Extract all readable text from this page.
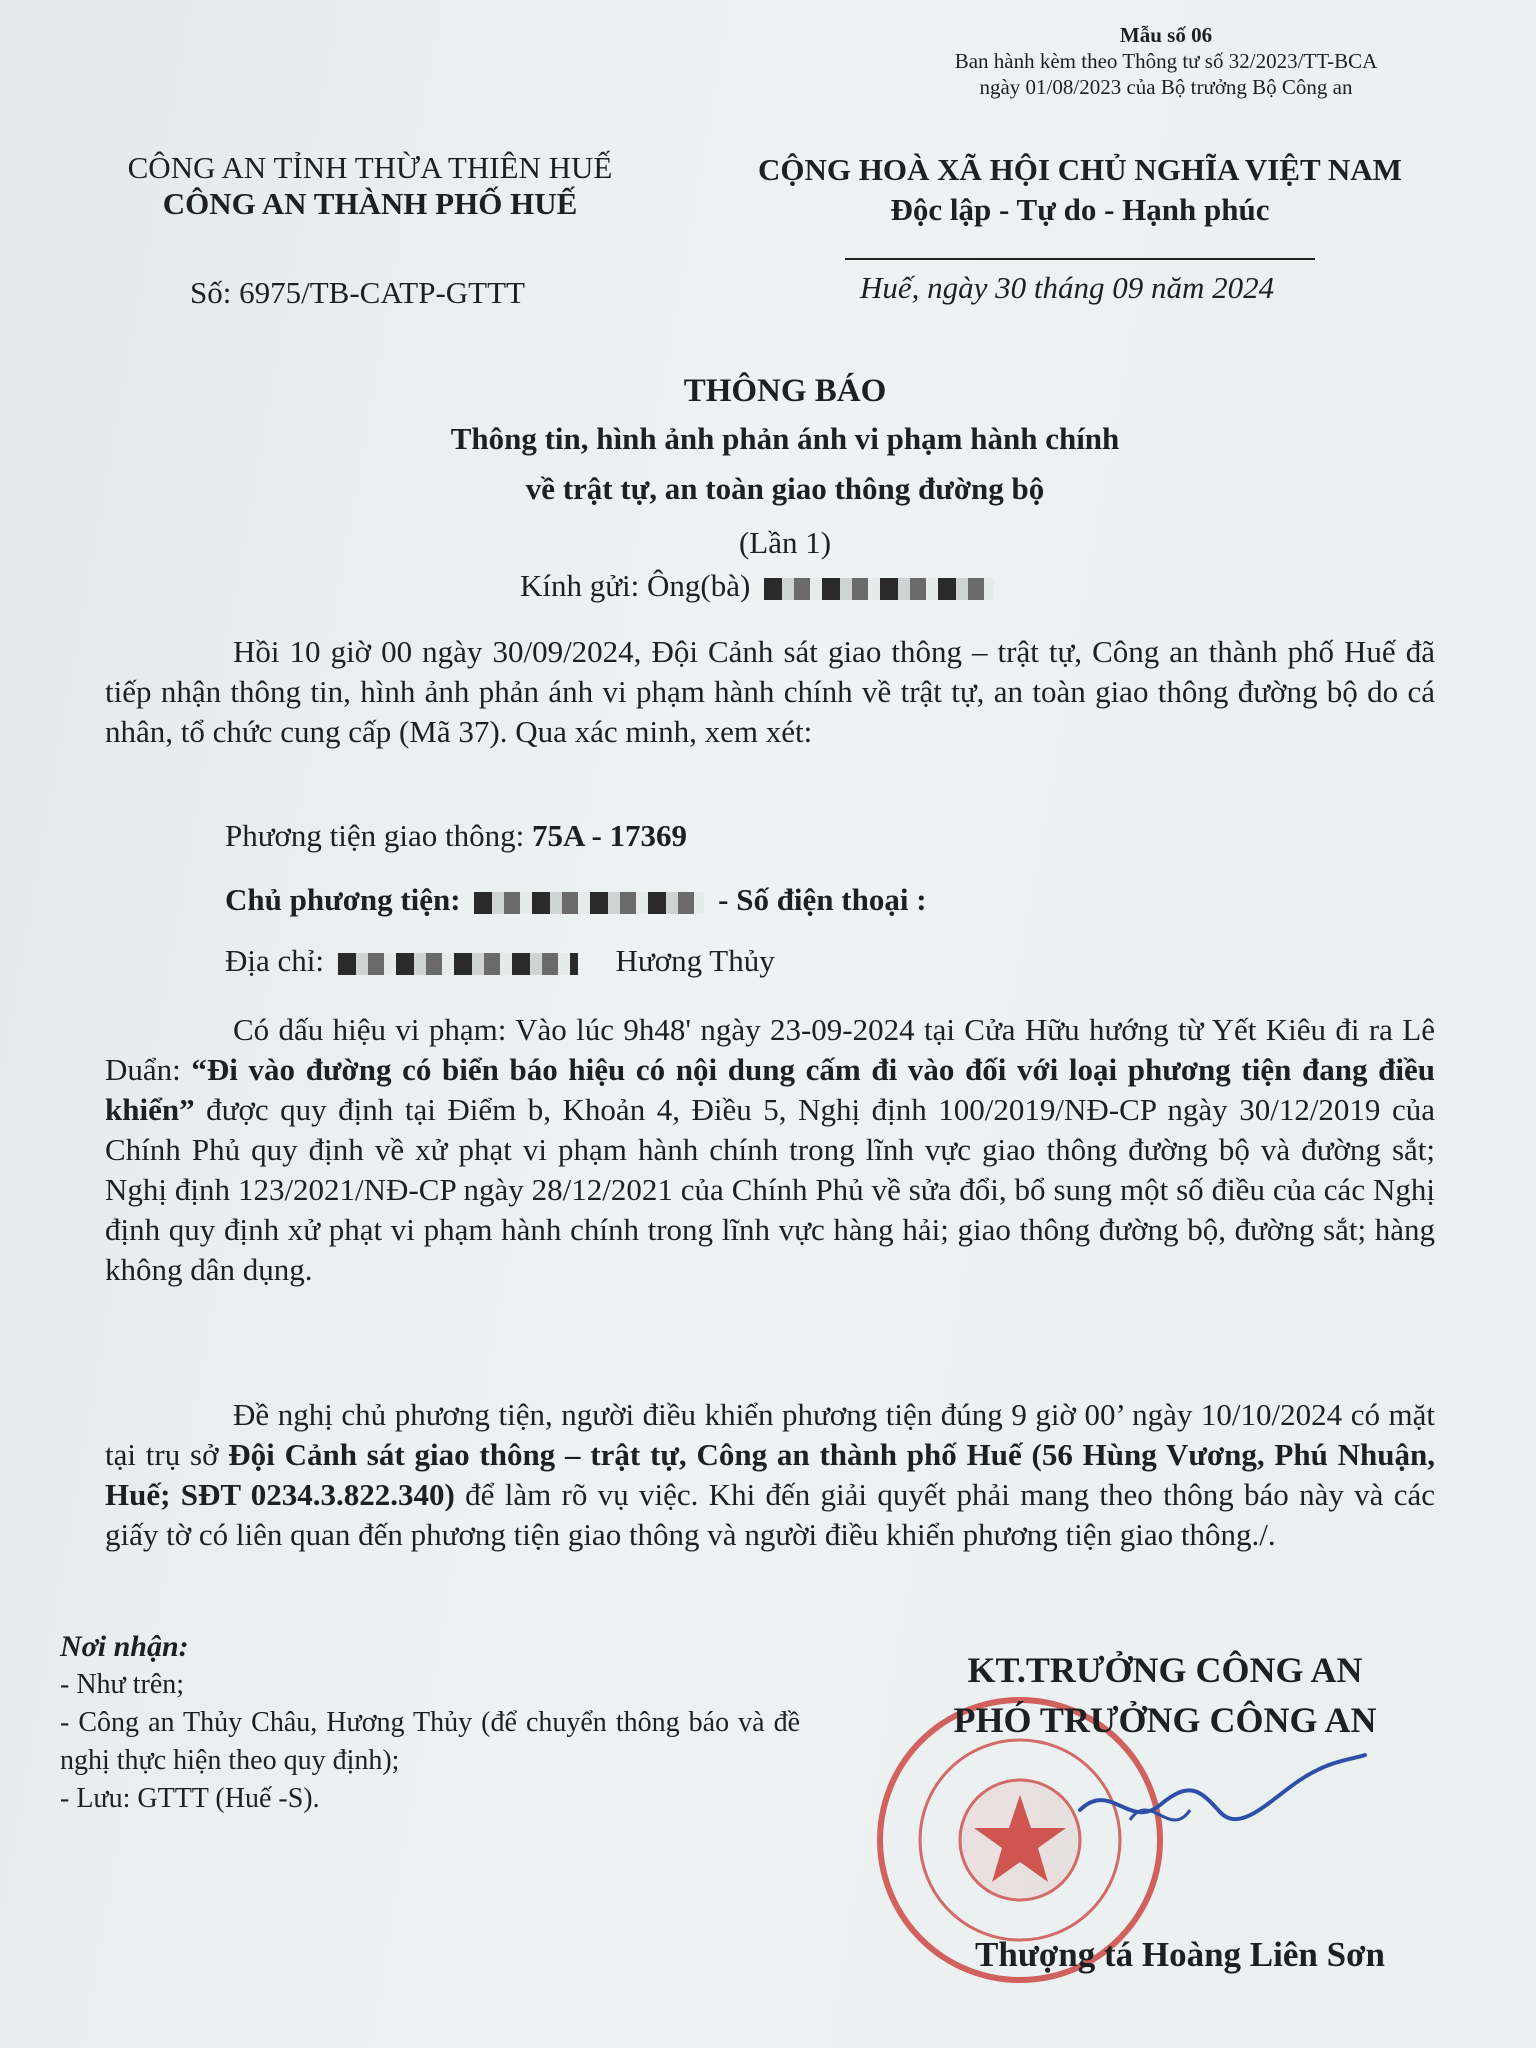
Mẫu số 06
Ban hành kèm theo Thông tư số 32/2023/TT-BCA
ngày 01/08/2023 của Bộ trưởng Bộ Công an
CÔNG AN TỈNH THỪA THIÊN HUẾ
CÔNG AN THÀNH PHỐ HUẾ
CỘNG HOÀ XÃ HỘI CHỦ NGHĨA VIỆT NAM
Độc lập - Tự do - Hạnh phúc
Số: 6975/TB-CATP-GTTT	Huế, ngày 30 tháng 09 năm 2024
THÔNG BÁO
Thông tin, hình ảnh phản ánh vi phạm hành chính
về trật tự, an toàn giao thông đường bộ
(Lần 1)
Kính gửi: Ông(bà)
Hồi 10 giờ 00 ngày 30/09/2024, Đội Cảnh sát giao thông – trật tự, Công an thành phố Huế đã tiếp nhận thông tin, hình ảnh phản ánh vi phạm hành chính về trật tự, an toàn giao thông đường bộ do cá nhân, tổ chức cung cấp (Mã 37). Qua xác minh, xem xét:
Phương tiện giao thông: 75A - 17369
Chủ phương tiện:	- Số điện thoại :
Địa chỉ:	Hương Thủy
Có dấu hiệu vi phạm: Vào lúc 9h48' ngày 23-09-2024 tại Cửa Hữu hướng từ Yết Kiêu đi ra Lê Duẩn: “Đi vào đường có biển báo hiệu có nội dung cấm đi vào đối với loại phương tiện đang điều khiển” được quy định tại Điểm b, Khoản 4, Điều 5, Nghị định 100/2019/NĐ-CP ngày 30/12/2019 của Chính Phủ quy định về xử phạt vi phạm hành chính trong lĩnh vực giao thông đường bộ và đường sắt; Nghị định 123/2021/NĐ-CP ngày 28/12/2021 của Chính Phủ về sửa đổi, bổ sung một số điều của các Nghị định quy định xử phạt vi phạm hành chính trong lĩnh vực hàng hải; giao thông đường bộ, đường sắt; hàng không dân dụng.
Đề nghị chủ phương tiện, người điều khiển phương tiện đúng 9 giờ 00’ ngày 10/10/2024 có mặt tại trụ sở Đội Cảnh sát giao thông – trật tự, Công an thành phố Huế (56 Hùng Vương, Phú Nhuận, Huế; SĐT 0234.3.822.340) để làm rõ vụ việc. Khi đến giải quyết phải mang theo thông báo này và các giấy tờ có liên quan đến phương tiện giao thông và người điều khiển phương tiện giao thông./.
Nơi nhận:
- Như trên;
- Công an Thủy Châu, Hương Thủy (để chuyển thông báo và đề nghị thực hiện theo quy định);
- Lưu: GTTT (Huế -S).
KT.TRƯỞNG CÔNG AN
PHÓ TRƯỞNG CÔNG AN
Thượng tá Hoàng Liên Sơn
